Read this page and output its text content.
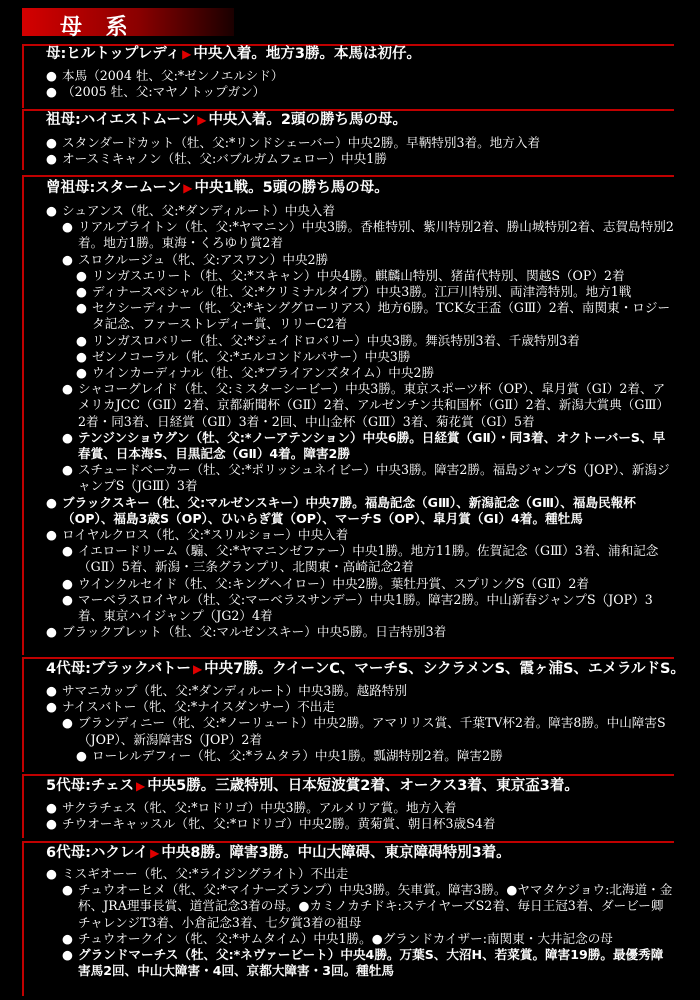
母 系
母:ヒルトップレディ ▶ 中央入着。地方3勝。本馬は初仔。
● 本馬（2004 牡、父:*ゼンノエルシド）
● （2005 牡、父:マヤノトップガン）
祖母:ハイエストムーン ▶ 中央入着。2頭の勝ち馬の母。
● スタンダードカット（牡、父:*リンドシェーバー）中央2勝。早鞆特別3着。地方入着
● オースミキャノン（牡、父:バブルガムフェロー）中央1勝
曾祖母:スタームーン ▶ 中央1戦。5頭の勝ち馬の母。
● シュアンス（牝、父:*ダンディルート）中央入着
● リアルブライトン（牡、父:*ヤマニン）中央3勝。香椎特別、紫川特別2着、勝山城特別2着、志賀島特別2着。地方1勝。東海・くろゆり賞2着
● スロクルージュ（牝、父:アスワン）中央2勝
● リンガスエリート（牡、父:*スキャン）中央4勝。麒麟山特別、猪苗代特別、関越S（OP）2着
● ディナースペシャル（牡、父:*クリミナルタイプ）中央3勝。江戸川特別、両津湾特別。地方1戦
● セクシーディナー（牝、父:*キンググローリアス）地方6勝。TCK女王盃（GⅢ）2着、南関東・ロジータ記念、ファーストレディー賞、リリーC2着
● リンガスロバリー（牡、父:*ジェイドロバリー）中央3勝。舞浜特別3着、千歳特別3着
● ゼンノコーラル（牝、父:*エルコンドルパサー）中央3勝
● ウインカーディナル（牡、父:*ブライアンズタイム）中央2勝
● シャコーグレイド（牡、父:ミスターシービー）中央3勝。東京スポーツ杯（OP）、皐月賞（GⅠ）2着、アメリカJCC（GⅡ）2着、京都新聞杯（GⅡ）2着、アルゼンチン共和国杯（GⅡ）2着、新潟大賞典（GⅢ）2着・同3着、日経賞（GⅡ）3着・2回、中山金杯（GⅢ）3着、菊花賞（GⅠ）5着
● テンジンショウグン（牡、父:*ノーアテンション）中央6勝。日経賞（GⅡ）・同3着、オクトーバーS、早春賞、日本海S、目黒記念（GⅡ）4着。障害2勝
● スチュードベーカー（牡、父:*ポリッシュネイビー）中央3勝。障害2勝。福島ジャンプS（JOP）、新潟ジャンプS（JGⅢ）3着
● ブラックスキー（牡、父:マルゼンスキー）中央7勝。福島記念（GⅢ）、新潟記念（GⅢ）、福島民報杯（OP）、福島3歳S（OP）、ひいらぎ賞（OP）、マーチS（OP）、皐月賞（GⅠ）4着。種牡馬
● ロイヤルクロス（牝、父:*スリルショー）中央入着
● イエロードリーム（騸、父:*ヤマニンゼファー）中央1勝。地方11勝。佐賀記念（GⅢ）3着、浦和記念（GⅡ）5着、新潟・三条グランプリ、北関東・高崎記念2着
● ウインクルセイド（牡、父:キングヘイロー）中央2勝。葉牡丹賞、スプリングS（GⅡ）2着
● マーベラスロイヤル（牡、父:マーベラスサンデー）中央1勝。障害2勝。中山新春ジャンプS（JOP）3着、東京ハイジャンプ（JG2）4着
● ブラックブレット（牡、父:マルゼンスキー）中央5勝。日吉特別3着
4代母:ブラックバトー ▶ 中央7勝。クイーンC、マーチS、シクラメンS、霞ヶ浦S、エメラルドS。
● サマニカップ（牝、父:*ダンディルート）中央3勝。越路特別
● ナイスバトー（牝、父:*ナイスダンサー）不出走
● ブランディニー（牝、父:*ノーリュート）中央2勝。アマリリス賞、千葉TV杯2着。障害8勝。中山障害S（JOP）、新潟障害S（JOP）2着
● ローレルデフィー（牝、父:*ラムタラ）中央1勝。瓢湖特別2着。障害2勝
5代母:チェス ▶ 中央5勝。三歳特別、日本短波賞2着、オークス3着、東京盃3着。
● サクラチェス（牝、父:*ロドリゴ）中央3勝。アルメリア賞。地方入着
● チウオーキャッスル（牝、父:*ロドリゴ）中央2勝。黄菊賞、朝日杯3歳S4着
6代母:ハクレイ ▶ 中央8勝。障害3勝。中山大障碍、東京障碍特別3着。
● ミスギオーー（牝、父:*ライジングライト）不出走
● チュウオーヒメ（牝、父:*マイナーズランプ）中央3勝。矢車賞。障害3勝。●ヤマタケジョウ:北海道・金杯、JRA理事長賞、道営記念3着の母。●カミノカチドキ:ステイヤーズS2着、毎日王冠3着、ダービー卿チャレンジT3着、小倉記念3着、七夕賞3着の祖母
● チュウオークイン（牝、父:*サムタイム）中央1勝。●グランドカイザー:南関東・大井記念の母
● グランドマーチス（牡、父:*ネヴァービート）中央4勝。万葉S、大沼H、若菜賞。障害19勝。最優秀障害馬2回、中山大障害・4回、京都大障害・3回。種牡馬
